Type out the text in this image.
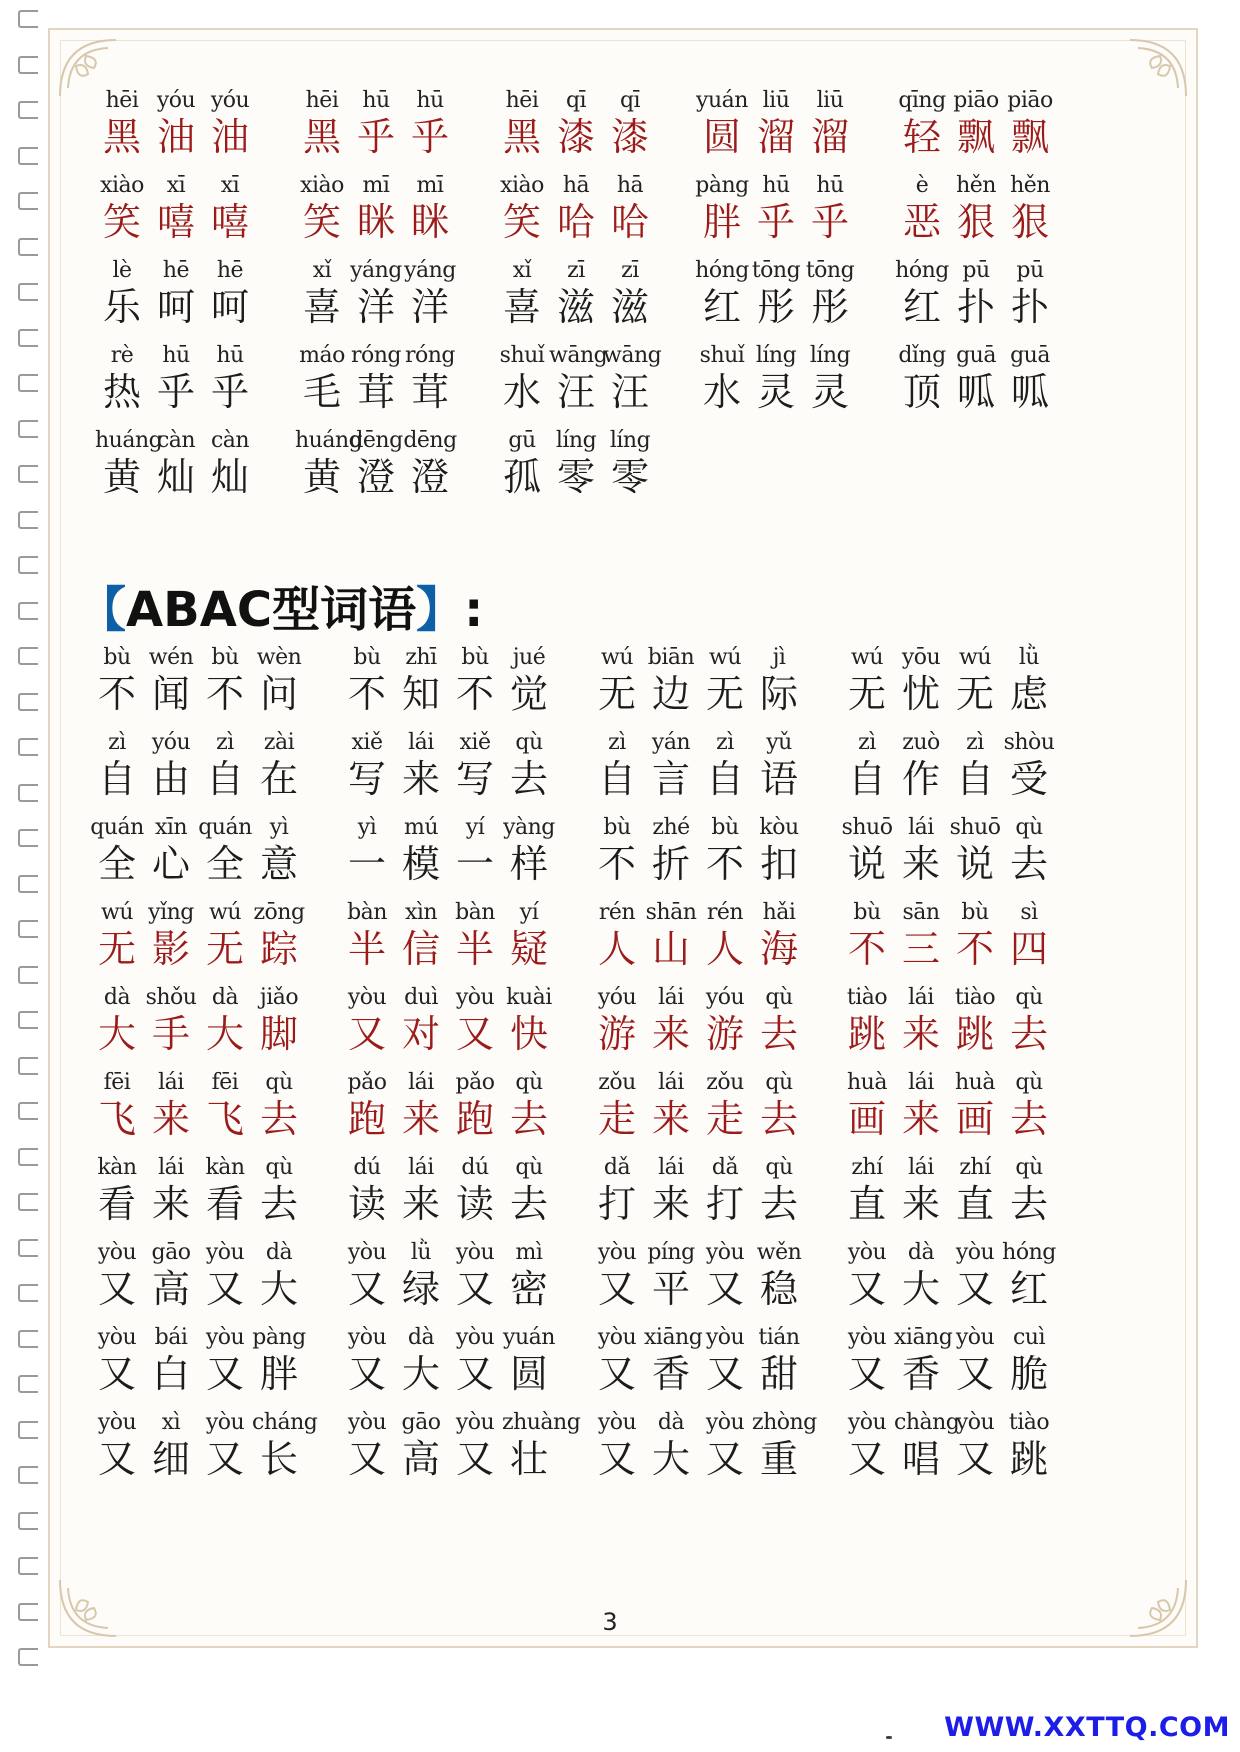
hēi
黑
yóu
油
yóu
油
hēi
黑
hū
乎
hū
乎
hēi
黑
qī
漆
qī
漆
yuán
圆
liū
溜
liū
溜
qīng
轻
piāo
飘
piāo
飘
xiào
笑
xī
嘻
xī
嘻
xiào
笑
mī
眯
mī
眯
xiào
笑
hā
哈
hā
哈
pàng
胖
hū
乎
hū
乎
è
恶
hěn
狠
hěn
狠
lè
乐
hē
呵
hē
呵
xǐ
喜
yáng
洋
yáng
洋
xǐ
喜
zī
滋
zī
滋
hóng
红
tōng
彤
tōng
彤
hóng
红
pū
扑
pū
扑
rè
热
hū
乎
hū
乎
máo
毛
róng
茸
róng
茸
shuǐ
水
wāng
汪
wāng
汪
shuǐ
水
líng
灵
líng
灵
dǐng
顶
guā
呱
guā
呱
huáng
黄
càn
灿
càn
灿
huáng
黄
dēng
澄
dēng
澄
gū
孤
líng
零
líng
零
【ABAC型词语】:
bù
不
wén
闻
bù
不
wèn
问
bù
不
zhī
知
bù
不
jué
觉
wú
无
biān
边
wú
无
jì
际
wú
无
yōu
忧
wú
无
lǜ
虑
zì
自
yóu
由
zì
自
zài
在
xiě
写
lái
来
xiě
写
qù
去
zì
自
yán
言
zì
自
yǔ
语
zì
自
zuò
作
zì
自
shòu
受
quán
全
xīn
心
quán
全
yì
意
yì
一
mú
模
yí
一
yàng
样
bù
不
zhé
折
bù
不
kòu
扣
shuō
说
lái
来
shuō
说
qù
去
wú
无
yǐng
影
wú
无
zōng
踪
bàn
半
xìn
信
bàn
半
yí
疑
rén
人
shān
山
rén
人
hǎi
海
bù
不
sān
三
bù
不
sì
四
dà
大
shǒu
手
dà
大
jiǎo
脚
yòu
又
duì
对
yòu
又
kuài
快
yóu
游
lái
来
yóu
游
qù
去
tiào
跳
lái
来
tiào
跳
qù
去
fēi
飞
lái
来
fēi
飞
qù
去
pǎo
跑
lái
来
pǎo
跑
qù
去
zǒu
走
lái
来
zǒu
走
qù
去
huà
画
lái
来
huà
画
qù
去
kàn
看
lái
来
kàn
看
qù
去
dú
读
lái
来
dú
读
qù
去
dǎ
打
lái
来
dǎ
打
qù
去
zhí
直
lái
来
zhí
直
qù
去
yòu
又
gāo
高
yòu
又
dà
大
yòu
又
lǜ
绿
yòu
又
mì
密
yòu
又
píng
平
yòu
又
wěn
稳
yòu
又
dà
大
yòu
又
hóng
红
yòu
又
bái
白
yòu
又
pàng
胖
yòu
又
dà
大
yòu
又
yuán
圆
yòu
又
xiāng
香
yòu
又
tián
甜
yòu
又
xiāng
香
yòu
又
cuì
脆
yòu
又
xì
细
yòu
又
cháng
长
yòu
又
gāo
高
yòu
又
zhuàng
壮
yòu
又
dà
大
yòu
又
zhòng
重
yòu
又
chàng
唱
yòu
又
tiào
跳
3
WWW.XXTTQ.COM
